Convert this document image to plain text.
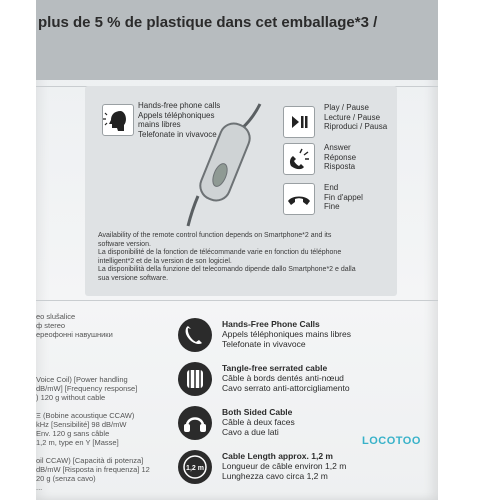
plus de 5 % de plastique dans cet emballage*3 /
Hands-free phone calls
Appels téléphoniques
mains libres
Telefonate in vivavoce
Play / Pause
Lecture / Pause
Riproduci / Pausa
Answer
Réponse
Risposta
End
Fin d'appel
Fine
Availability of the remote control function depends on Smartphone*2 and its
software version.
La disponibilité de la fonction de télécommande varie en fonction du téléphone
intelligent*2 et de la version de son logiciel.
La disponibilità della funzione del telecomando dipende dallo Smartphone*2 e dalla
sua versione software.
eo slušalice
ф stereo
ереофонні навушники

Voice Coil) [Power handling
dB/mW] [Frequency response]
) 120 g without cable

Ξ (Bobine acoustique CCAW)
kHz [Sensibilité] 98 dB/mW
Env. 120 g sans câble
1,2 m, type en Y [Masse]

oil CCAW) [Capacità di potenza]
dB/mW [Risposta in frequenza] 12
20 g (senza cavo)
...
Hands-Free Phone Calls
Appels téléphoniques mains libres
Telefonate in vivavoce
Tangle-free serrated cable
Câble à bords dentés anti-nœud
Cavo serrato anti-attorcigliamento
Both Sided Cable
Câble à deux faces
Cavo a due lati
1,2 m
Cable Length approx. 1,2 m
Longueur de câble environ 1,2 m
Lunghezza cavo circa 1,2 m
LOCOTOO
